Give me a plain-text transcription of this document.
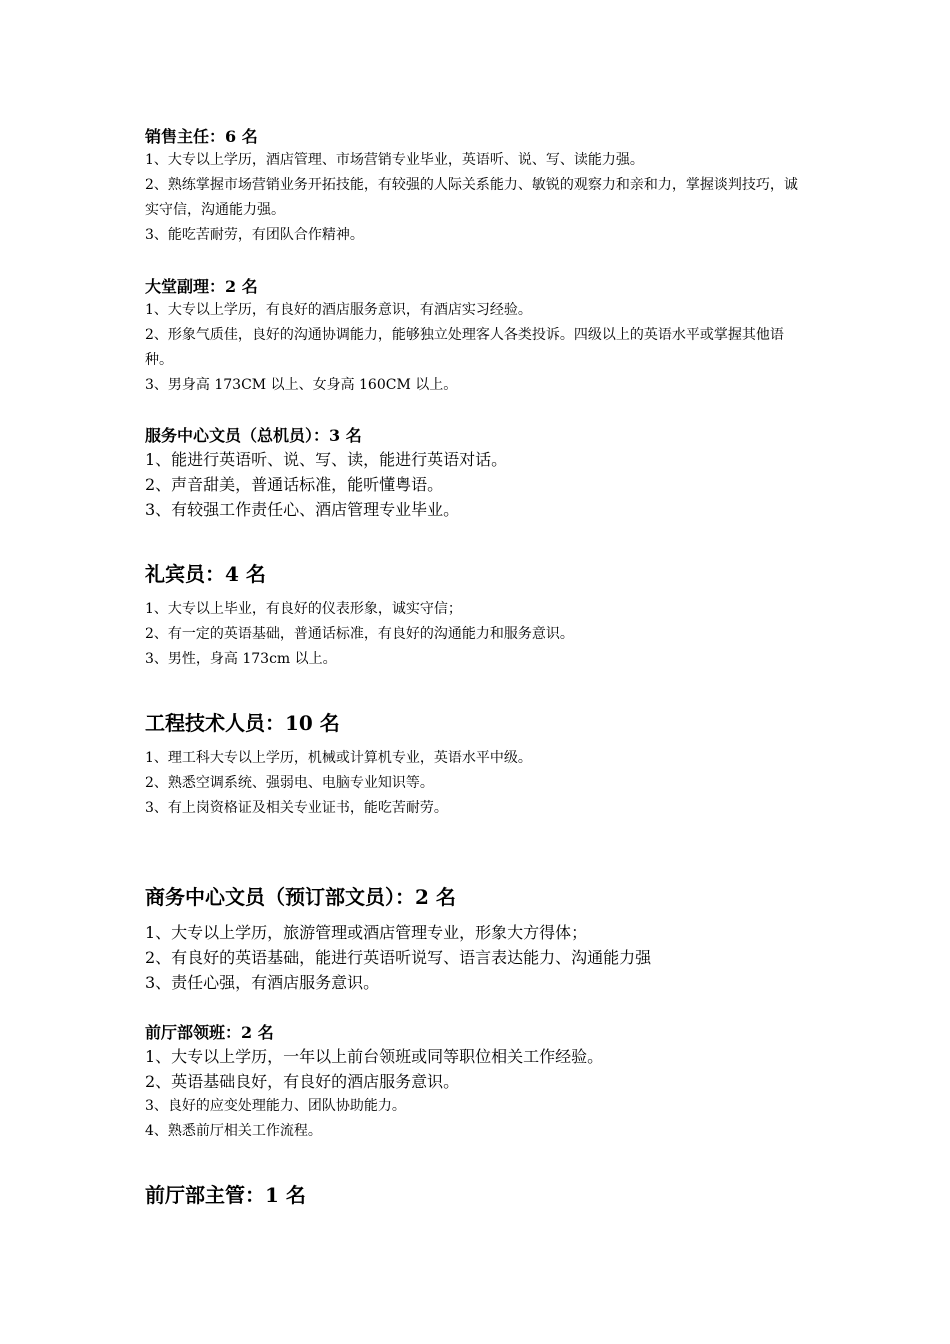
销售主任：6 名
1、大专以上学历，酒店管理、市场营销专业毕业，英语听、说、写、读能力强。
2、熟练掌握市场营销业务开拓技能，有较强的人际关系能力、敏锐的观察力和亲和力，掌握谈判技巧，诚实守信，沟通能力强。
3、能吃苦耐劳，有团队合作精神。
大堂副理：2 名
1、大专以上学历，有良好的酒店服务意识，有酒店实习经验。
2、形象气质佳，良好的沟通协调能力，能够独立处理客人各类投诉。四级以上的英语水平或掌握其他语种。
3、男身高 173CM 以上、女身高 160CM 以上。
服务中心文员（总机员）：3 名
1、能进行英语听、说、写、读，能进行英语对话。
2、声音甜美，普通话标准，能听懂粤语。
3、有较强工作责任心、酒店管理专业毕业。
礼宾员：4 名
1、大专以上毕业，有良好的仪表形象，诚实守信；
2、有一定的英语基础，普通话标准，有良好的沟通能力和服务意识。
3、男性，身高 173cm 以上。
工程技术人员：10 名
1、理工科大专以上学历，机械或计算机专业，英语水平中级。
2、熟悉空调系统、强弱电、电脑专业知识等。
3、有上岗资格证及相关专业证书，能吃苦耐劳。
商务中心文员（预订部文员）：2 名
1、大专以上学历，旅游管理或酒店管理专业，形象大方得体；
2、有良好的英语基础，能进行英语听说写、语言表达能力、沟通能力强
3、责任心强，有酒店服务意识。
前厅部领班：2 名
1、大专以上学历，一年以上前台领班或同等职位相关工作经验。
2、英语基础良好，有良好的酒店服务意识。
3、良好的应变处理能力、团队协助能力。
4、熟悉前厅相关工作流程。
前厅部主管：1 名
